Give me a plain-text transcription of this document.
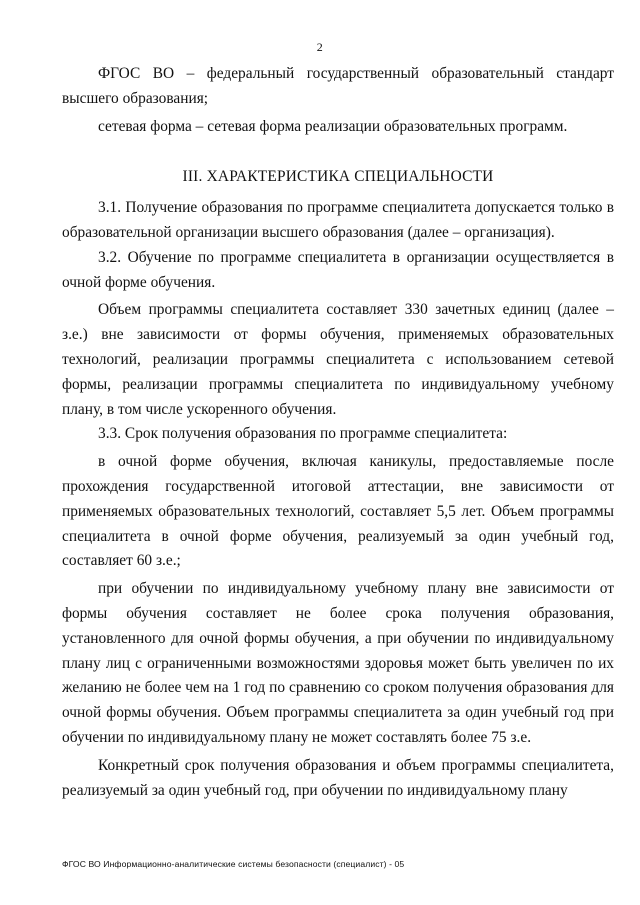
2

ФГОС ВО – федеральный государственный образовательный стандарт высшего образования;

сетевая форма – сетевая форма реализации образовательных программ.

III. ХАРАКТЕРИСТИКА СПЕЦИАЛЬНОСТИ

3.1. Получение образования по программе специалитета допускается только в образовательной организации высшего образования (далее – организация).

3.2. Обучение по программе специалитета в организации осуществляется в очной форме обучения.

Объем программы специалитета составляет 330 зачетных единиц (далее – з.е.) вне зависимости от формы обучения, применяемых образовательных технологий, реализации программы специалитета с использованием сетевой формы, реализации программы специалитета по индивидуальному учебному плану, в том числе ускоренного обучения.

3.3. Срок получения образования по программе специалитета:

в очной форме обучения, включая каникулы, предоставляемые после прохождения государственной итоговой аттестации, вне зависимости от применяемых образовательных технологий, составляет 5,5 лет. Объем программы специалитета в очной форме обучения, реализуемый за один учебный год, составляет 60 з.е.;

при обучении по индивидуальному учебному плану вне зависимости от формы обучения составляет не более срока получения образования, установленного для очной формы обучения, а при обучении по индивидуальному плану лиц с ограниченными возможностями здоровья может быть увеличен по их желанию не более чем на 1 год по сравнению со сроком получения образования для очной формы обучения. Объем программы специалитета за один учебный год при обучении по индивидуальному плану не может составлять более 75 з.е.

Конкретный срок получения образования и объем программы специалитета, реализуемый за один учебный год, при обучении по индивидуальному плану

ФГОС ВО Информационно-аналитические системы безопасности (специалист) - 05
